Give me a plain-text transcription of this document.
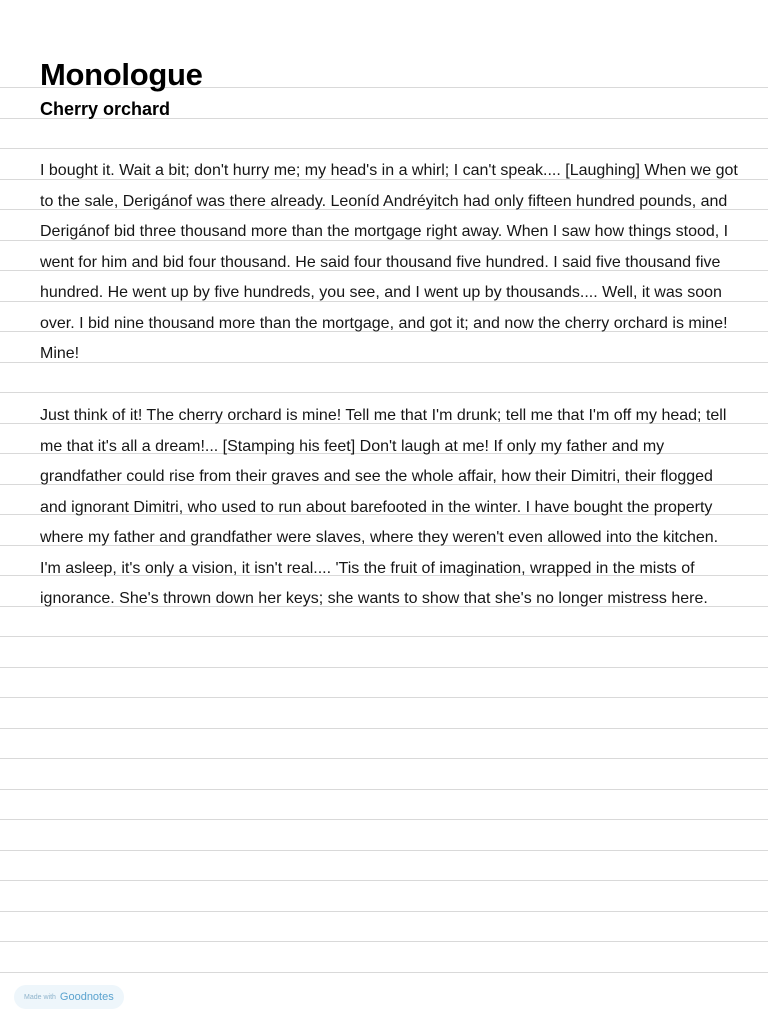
Monologue
Cherry orchard

I bought it. Wait a bit; don't hurry me; my head's in a whirl; I can't speak.... [Laughing] When we got to the sale, Derigánof was there already. Leoníd Andréyitch had only fifteen hundred pounds, and Derigánof bid three thousand more than the mortgage right away. When I saw how things stood, I went for him and bid four thousand. He said four thousand five hundred. I said five thousand five hundred. He went up by five hundreds, you see, and I went up by thousands.... Well, it was soon over. I bid nine thousand more than the mortgage, and got it; and now the cherry orchard is mine! Mine!

Just think of it! The cherry orchard is mine! Tell me that I'm drunk; tell me that I'm off my head; tell me that it's all a dream!... [Stamping his feet] Don't laugh at me! If only my father and my grandfather could rise from their graves and see the whole affair, how their Dimitri, their flogged and ignorant Dimitri, who used to run about barefooted in the winter. I have bought the property where my father and grandfather were slaves, where they weren't even allowed into the kitchen. I'm asleep, it's only a vision, it isn't real.... 'Tis the fruit of imagination, wrapped in the mists of ignorance. She's thrown down her keys; she wants to show that she's no longer mistress here.

Made with Goodnotes
